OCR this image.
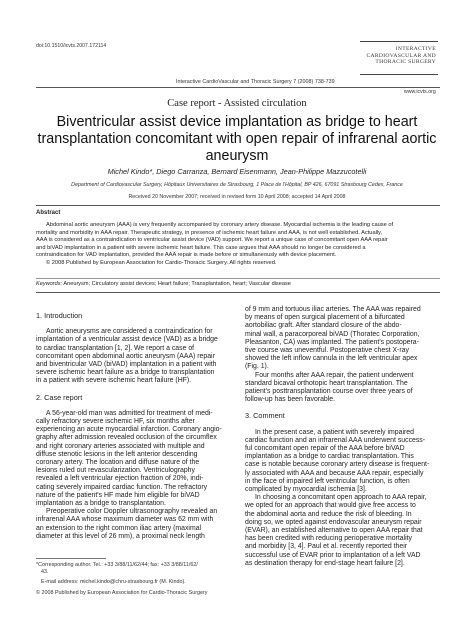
doi:10.1510/icvts.2007.172114	INTERACTIVE
CARDIOVASCULAR AND
THORACIC SURGERY
Interactive CardioVascular and Thoracic Surgery 7 (2008) 738-739
www.icvts.org
Case report - Assisted circulation
Biventricular assist device implantation as bridge to heart
transplantation concomitant with open repair of infrarenal aortic
aneurysm
Michel Kindo*, Diego Carranza, Bernard Eisenmann, Jean-Philippe Mazzucotelli
Department of Cardiovascular Surgery, Hôpitaux Universitaires de Strasbourg, 1 Place de l'Hôpital, BP 426, 67091 Strasbourg Cedex, France
Received 20 November 2007; received in revised form 10 April 2008; accepted 14 April 2008
Abstract
Abdominal aortic aneurysm (AAA) is very frequently accompanied by coronary artery disease. Myocardial ischemia is the leading cause of
mortality and morbidity in AAA repair. Therapeutic strategy, in presence of ischemic heart failure and AAA, is not well established. Actually,
AAA is considered as a contraindication to ventricular assist device (VAD) support. We report a unique case of concomitant open AAA repair
and biVAD implantation in a patient with severe ischemic heart failure. This case argues that AAA should no longer be considered a
contraindication for VAD implantation, provided the AAA repair is made before or simultaneously with device placement.
© 2008 Published by European Association for Cardio-Thoracic Surgery. All rights reserved.
Keywords: Aneurysm; Circulatory assist devices; Heart failure; Transplantation, heart; Vascular disease
1. Introduction

Aortic aneurysms are considered a contraindication for

implantation of a ventricular assist device (VAD) as a bridge

to cardiac transplantation [1, 2]. We report a case of

concomitant open abdominal aortic aneurysm (AAA) repair

and biventricular VAD (biVAD) implantation in a patient with

severe ischemic heart failure as a bridge to transplantation

in a patient with severe ischemic heart failure (HF).

2. Case report

A 56-year-old man was admitted for treatment of medi-

cally refractory severe ischemic HF, six months after

experiencing an acute myocardial infarction. Coronary angio-

graphy after admission revealed occlusion of the circumflex

and right coronary arteries associated with multiple and

diffuse stenotic lesions in the left anterior descending

coronary artery. The location and diffuse nature of the

lesions ruled out revascularization. Ventriculography

revealed a left ventricular ejection fraction of 20%, indi-

cating severely impaired cardiac function. The refractory

nature of the patient's HF made him eligible for biVAD

implantation as a bridge to transplantation.

Preoperative color Doppler ultrasonography revealed an

infrarenal AAA whose maximum diameter was 62 mm with

an extension to the right common iliac artery (maximal

diameter at this level of 26 mm), a proximal neck length

*Corresponding author. Tel.: +33 3/88/11/62/44; fax: +33 3/88/11/62/

43.

E-mail address: michel.kindo@chru-strasbourg.fr (M. Kindo).

© 2008 Published by European Association for Cardio-Thoracic Surgery

of 9 mm and tortuous iliac arteries. The AAA was repaired

by means of open surgical placement of a bifurcated

aortobiliac graft. After standard closure of the abdo-

minal wall, a paracorporeal biVAD (Thoratec Corporation,

Pleasanton, CA) was implanted. The patient's postopera-

tive course was uneventful. Postoperative chest X-ray

showed the left inflow cannula in the left ventricular apex

(Fig. 1).

Four months after AAA repair, the patient underwent

standard bicaval orthotopic heart transplantation. The

patient's posttransplantation course over three years of

follow-up has been favorable.

3. Comment

In the present case, a patient with severely impaired

cardiac function and an infrarenal AAA underwent success-

ful concomitant open repair of the AAA before biVAD

implantation as a bridge to cardiac transplantation. This

case is notable because coronary artery disease is frequent-

ly associated with AAA and because AAA repair, especially

in the face of impaired left ventricular function, is often

complicated by myocardial ischemia [3].

In choosing a concomitant open approach to AAA repair,

we opted for an approach that would give free access to

the abdominal aorta and reduce the risk of bleeding. In

doing so, we opted against endovascular aneurysm repair

(EVAR), an established alternative to open AAA repair that

has been credited with reducing perioperative mortality

and morbidity [3, 4]. Paul et al. recently reported their

successful use of EVAR prior to implantation of a left VAD

as destination therapy for end-stage heart failure [2].
